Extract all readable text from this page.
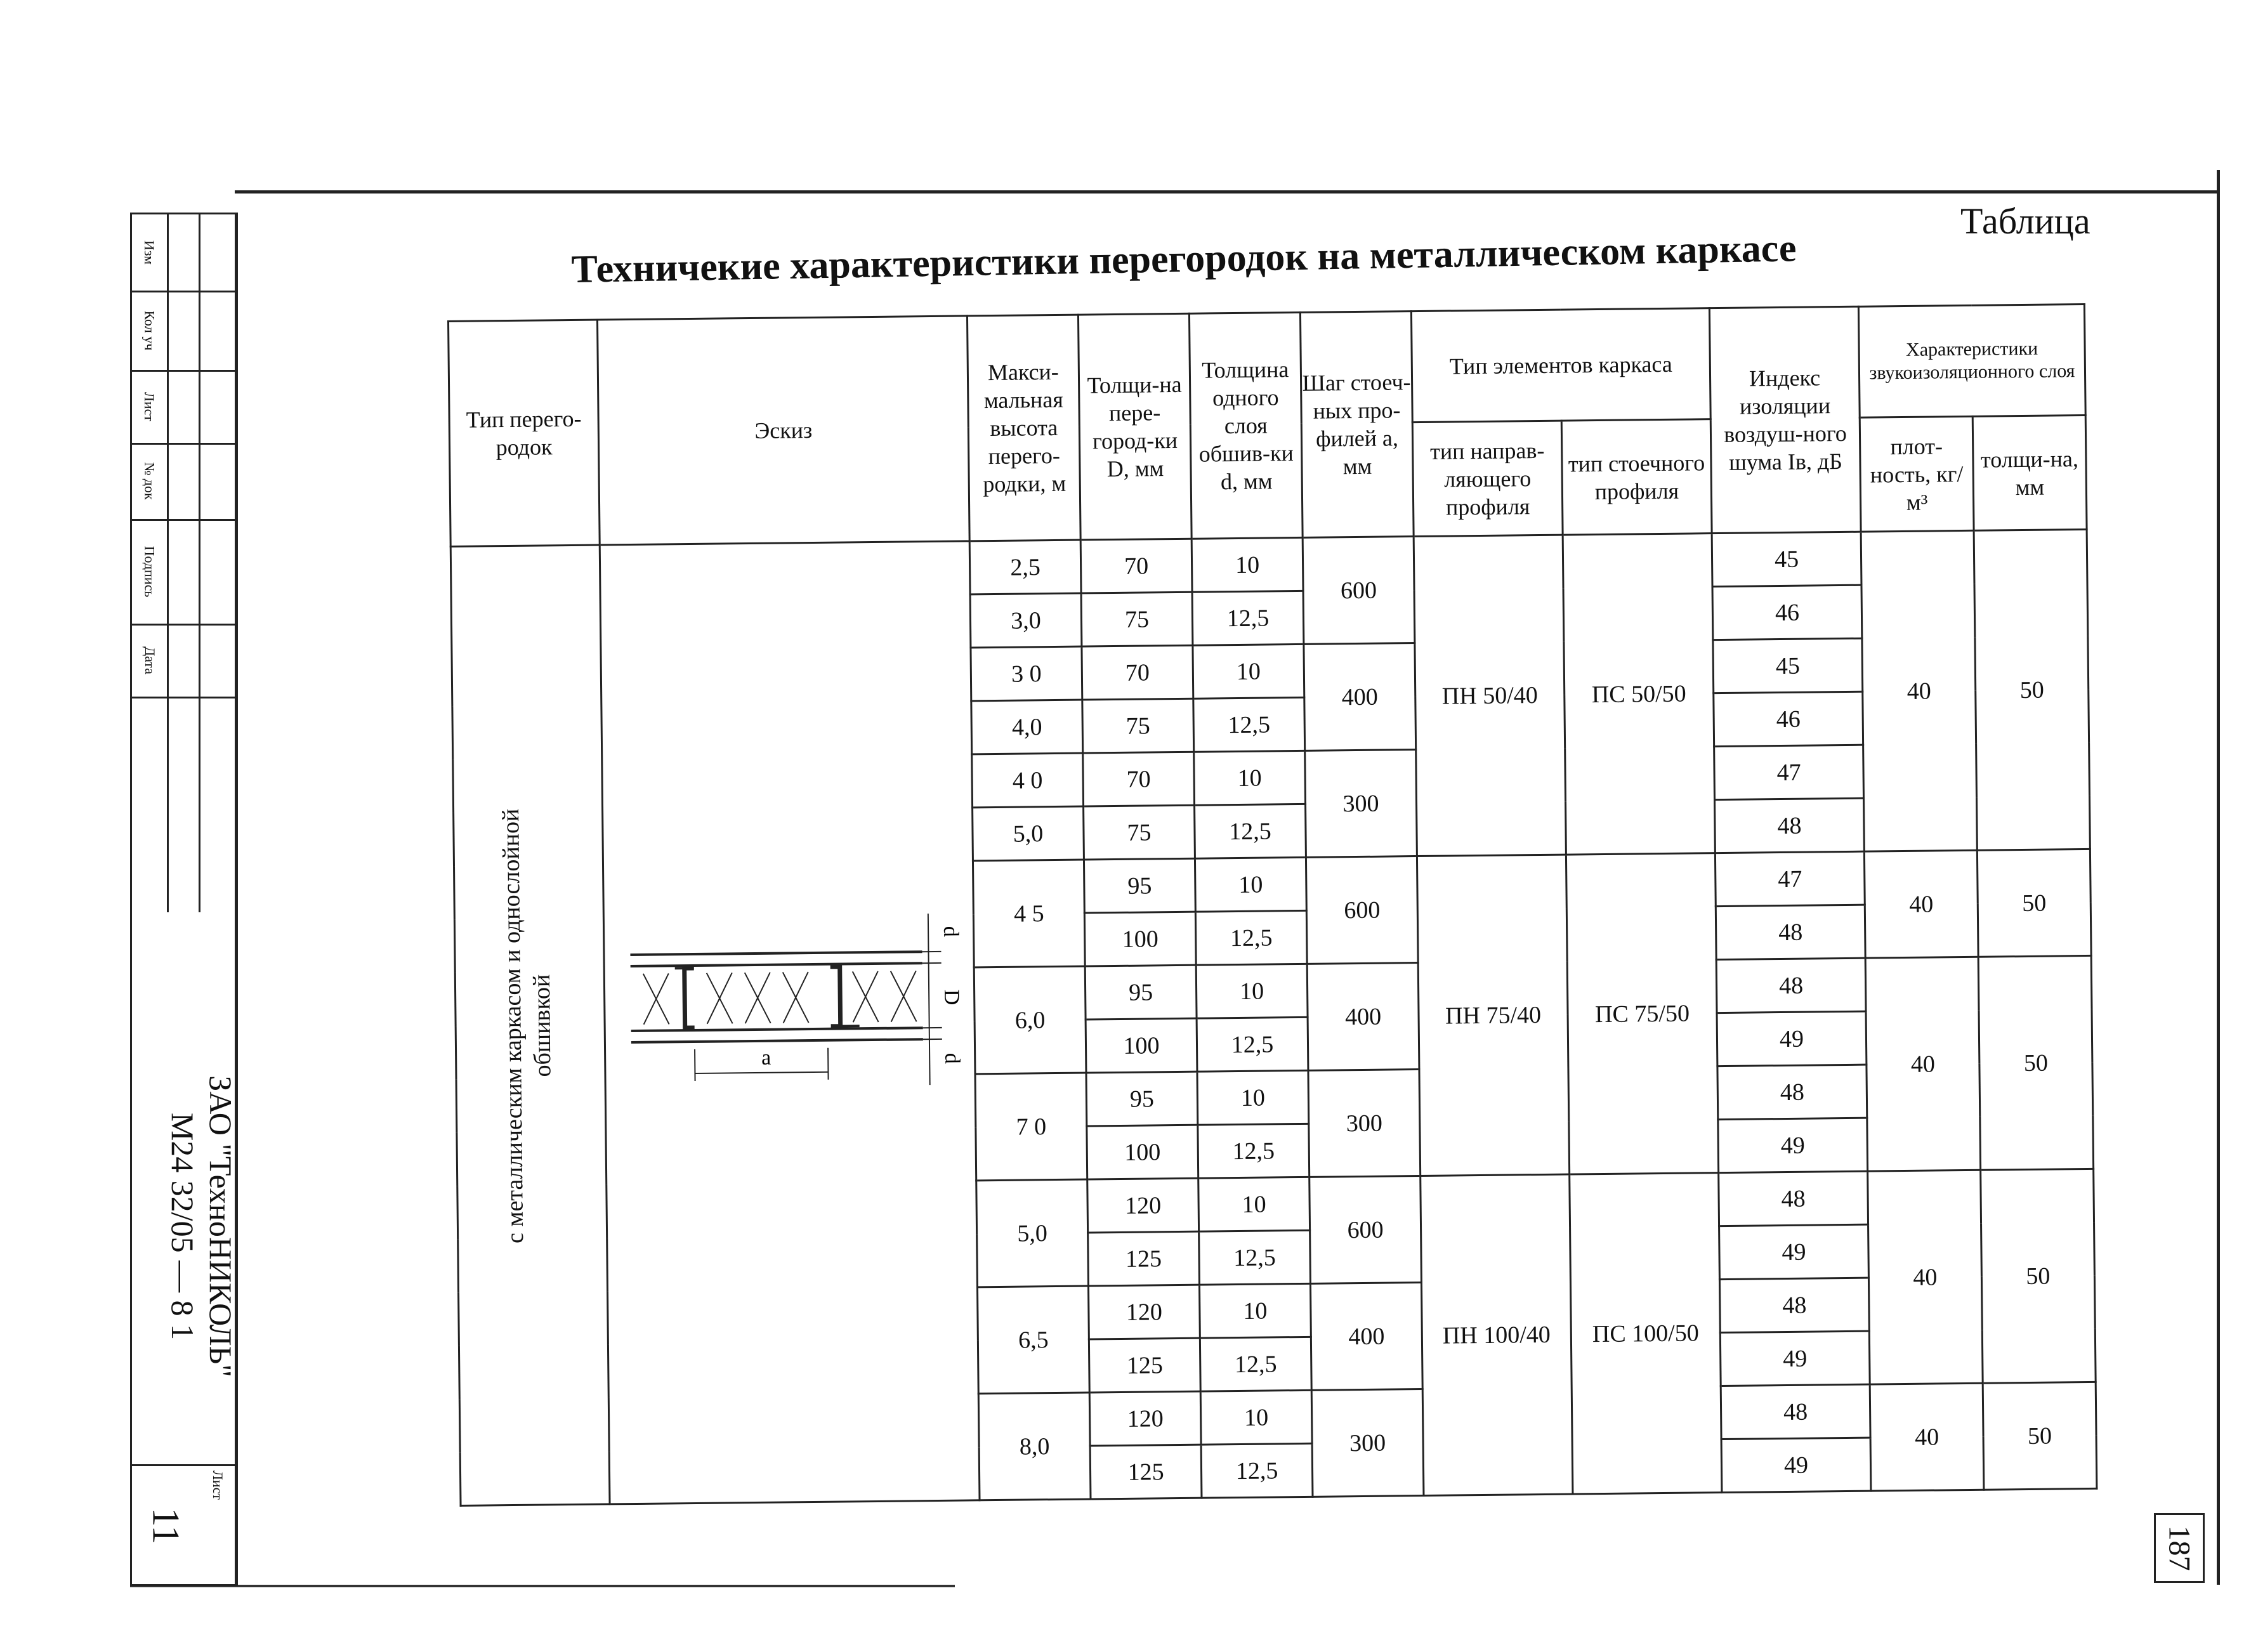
Изм
Кол уч
Лист
№ док
Подпись
Дата
ЗАО "ТехноНИКОЛЬ"
М24 32/05 — 8 1
11
Лист
Таблица
Техничекие характеристики перегородок на металлическом каркасе
Тип перего-родок	Эскиз	Макси-мальная высота перего-родки, м	Толщи-на пере-город-ки D, мм	Толщина одного слоя обшив-ки d, мм	Шаг стоеч-ных про-филей a, мм	Тип элементов каркаса		Индекс изоляции воздуш-ного шума Iв, дБ	Характеристики звукоизоляционного слоя	
						тип направ-ляющего профиля	тип стоечного профиля		плот-ность, кг/м³	толщи-на, мм

с металлическим каркасом и однослойной обшивкой	a
d
D
d	2,5	70	10	600	ПН 50/40	ПС 50/50	45	40	50
		3,0	75	12,5				46		
		3 0	70	10	400			45		
		4,0	75	12,5				46		
		4 0	70	10	300			47		
		5,0	75	12,5				48		
		4 5	95	10	600	ПН 75/40	ПС 75/50	47	40	50
			100	12,5				48		
		6,0	95	10	400			48	40	50
			100	12,5				49		
		7 0	95	10	300			48		
			100	12,5				49		
		5,0	120	10	600	ПН 100/40	ПС 100/50	48	40	50
			125	12,5				49		
		6,5	120	10	400			48		
			125	12,5				49		
		8,0	120	10	300			48	40	50
			125	12,5				49		
187
